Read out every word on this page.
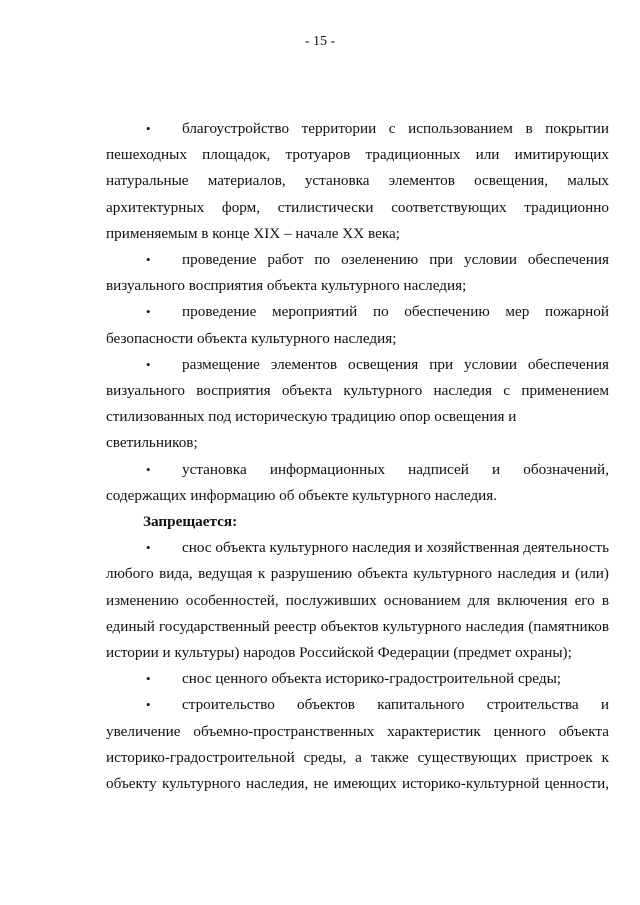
- 15 -
•	благоустройство территории с использованием в покрытии
пешеходных площадок, тротуаров традиционных или имитирующих
натуральные материалов, установка элементов освещения, малых
архитектурных форм, стилистически соответствующих традиционно
применяемым в конце XIX – начале XX века;
•	проведение работ по озеленению при условии обеспечения
визуального восприятия объекта культурного наследия;
•	проведение мероприятий по обеспечению мер пожарной
безопасности объекта культурного наследия;
•	размещение элементов освещения при условии обеспечения
визуального восприятия объекта культурного наследия с применением
стилизованных под историческую традицию опор освещения и светильников;
•	установка информационных надписей и обозначений,
содержащих информацию об объекте культурного наследия.

Запрещается:

•	снос объекта культурного наследия и хозяйственная деятельность
любого вида, ведущая к разрушению объекта культурного наследия и (или)
изменению особенностей, послуживших основанием для включения его в
единый государственный реестр объектов культурного наследия (памятников
истории и культуры) народов Российской Федерации (предмет охраны);
•	снос ценного объекта историко-градостроительной среды;
•	строительство объектов капитального строительства и
увеличение объемно-пространственных характеристик ценного объекта
историко-градостроительной среды, а также существующих пристроек к
объекту культурного наследия, не имеющих историко-культурной ценности,
